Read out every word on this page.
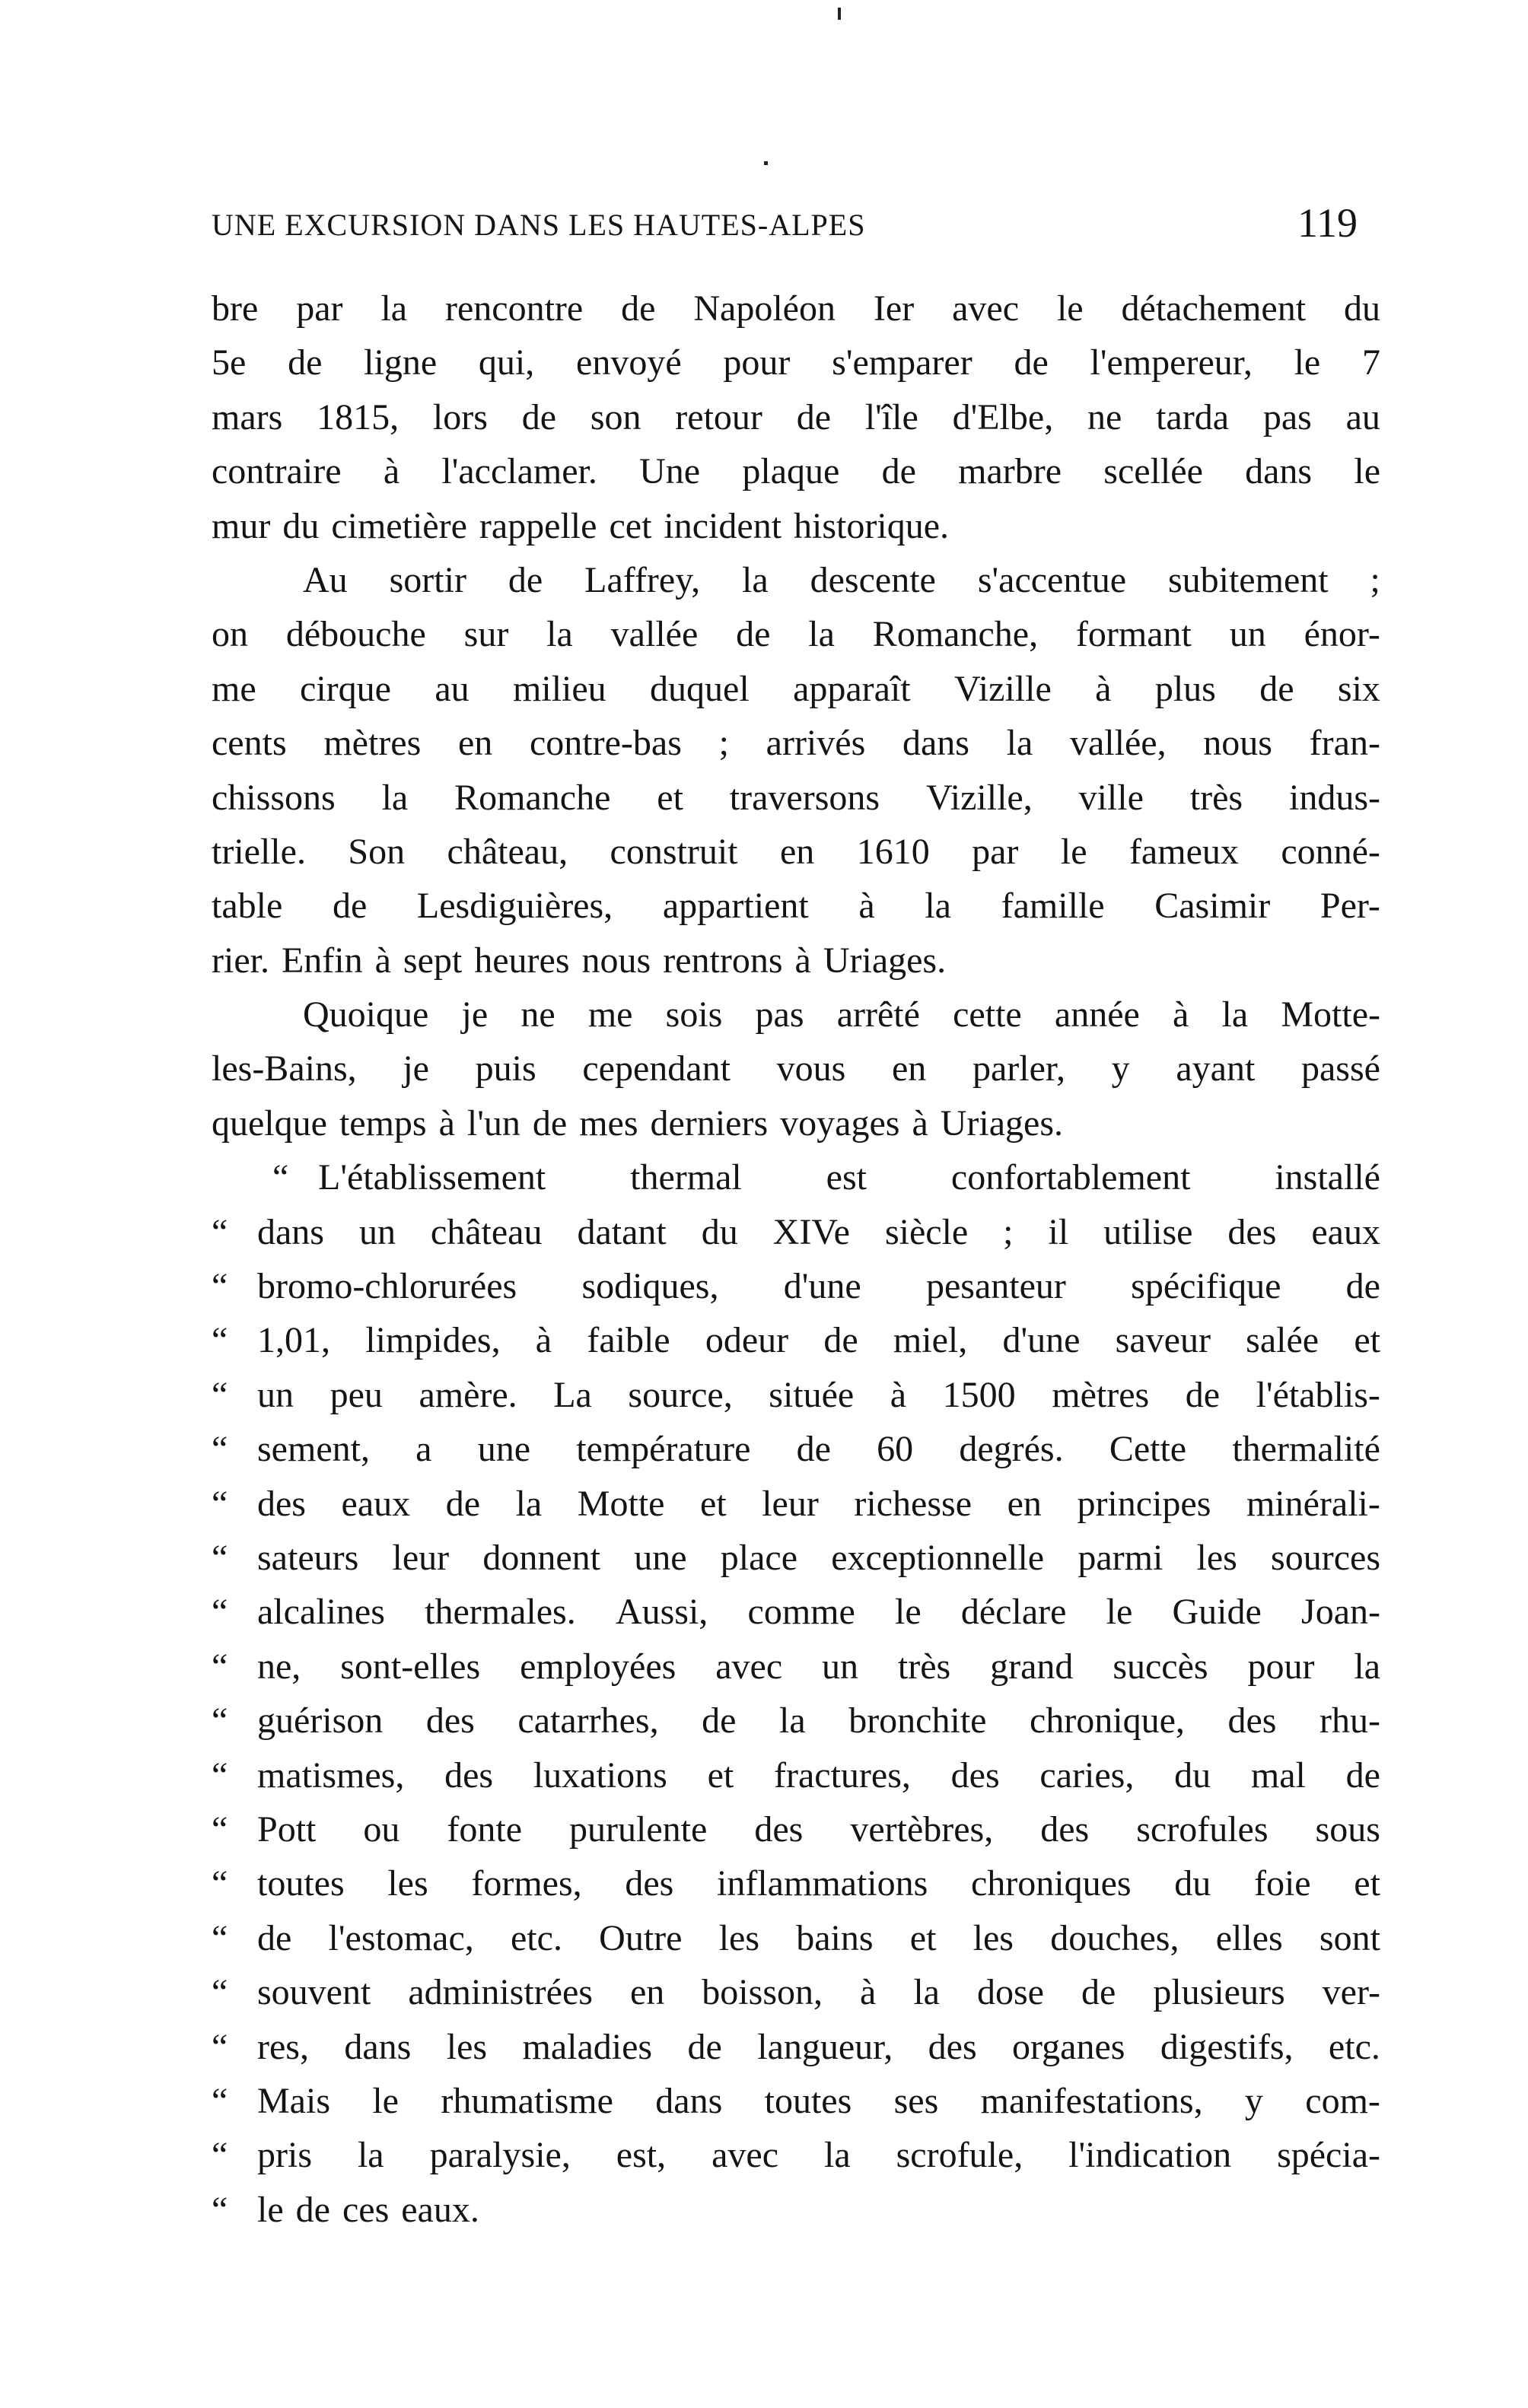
UNE EXCURSION DANS LES HAUTES-ALPES	119
bre par la rencontre de Napoléon Ier avec le détachement du
5e de ligne qui, envoyé pour s'emparer de l'empereur, le 7
mars 1815, lors de son retour de l'île d'Elbe, ne tarda pas au
contraire à l'acclamer. Une plaque de marbre scellée dans le
mur du cimetière rappelle cet incident historique.
Au sortir de Laffrey, la descente s'accentue subitement ;
on débouche sur la vallée de la Romanche, formant un énor-
me cirque au milieu duquel apparaît Vizille à plus de six
cents mètres en contre-bas ; arrivés dans la vallée, nous fran-
chissons la Romanche et traversons Vizille, ville très indus-
trielle. Son château, construit en 1610 par le fameux conné-
table de Lesdiguières, appartient à la famille Casimir Per-
rier. Enfin à sept heures nous rentrons à Uriages.
Quoique je ne me sois pas arrêté cette année à la Motte-
les-Bains, je puis cependant vous en parler, y ayant passé
quelque temps à l'un de mes derniers voyages à Uriages.
“ L'établissement thermal est confortablement installé
“ dans un château datant du XIVe siècle ; il utilise des eaux
“ bromo-chlorurées sodiques, d'une pesanteur spécifique de
“ 1,01, limpides, à faible odeur de miel, d'une saveur salée et
“ un peu amère. La source, située à 1500 mètres de l'établis-
“ sement, a une température de 60 degrés. Cette thermalité
“ des eaux de la Motte et leur richesse en principes minérali-
“ sateurs leur donnent une place exceptionnelle parmi les sources
“ alcalines thermales. Aussi, comme le déclare le Guide Joan-
“ ne, sont-elles employées avec un très grand succès pour la
“ guérison des catarrhes, de la bronchite chronique, des rhu-
“ matismes, des luxations et fractures, des caries, du mal de
“ Pott ou fonte purulente des vertèbres, des scrofules sous
“ toutes les formes, des inflammations chroniques du foie et
“ de l'estomac, etc. Outre les bains et les douches, elles sont
“ souvent administrées en boisson, à la dose de plusieurs ver-
“ res, dans les maladies de langueur, des organes digestifs, etc.
“ Mais le rhumatisme dans toutes ses manifestations, y com-
“ pris la paralysie, est, avec la scrofule, l'indication spécia-
“ le de ces eaux.
